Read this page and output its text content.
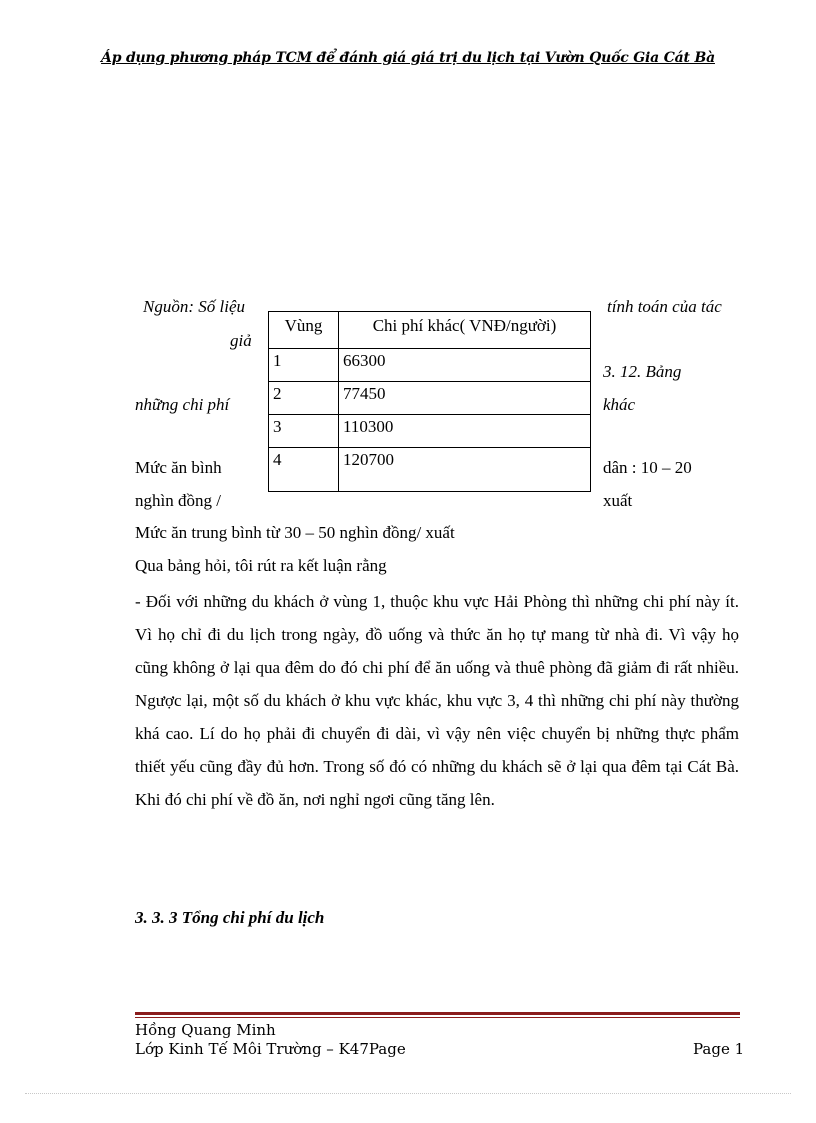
Áp dụng phương pháp TCM để đánh giá giá trị du lịch tại Vườn Quốc Gia Cát Bà
Nguồn: Số liệu
giả
những chi phí
Mức ăn bình
nghìn đồng /
tính toán của tác
3. 12. Bảng
khác
dân : 10 – 20
xuất
Vùng	Chi phí khác( VNĐ/người)
1	66300
2	77450
3	110300
4	120700
Mức ăn trung bình từ 30 – 50 nghìn đồng/ xuất
Qua bảng hỏi, tôi rút ra kết luận rằng
- Đối với những du khách ở vùng 1, thuộc khu vực Hải Phòng thì những chi phí này ít. Vì họ chỉ đi du lịch trong ngày, đồ uống và thức ăn họ tự mang từ nhà đi. Vì vậy họ cũng không ở lại qua đêm do đó chi phí để ăn uống và thuê phòng đã giảm đi rất nhiều. Ngược lại, một số du khách ở khu vực khác, khu vực 3, 4 thì những chi phí này thường khá cao. Lí do họ phải đi chuyển đi dài, vì vậy nên việc chuyển bị những thực phẩm thiết yếu cũng đầy đủ hơn. Trong số đó có những du khách sẽ ở lại qua đêm tại Cát Bà. Khi đó chi phí về đồ ăn, nơi nghỉ ngơi cũng tăng lên.
3. 3. 3 Tổng chi phí du lịch
Hồng Quang Minh
Lớp Kinh Tế Môi Trường – K47Page	Page 1
